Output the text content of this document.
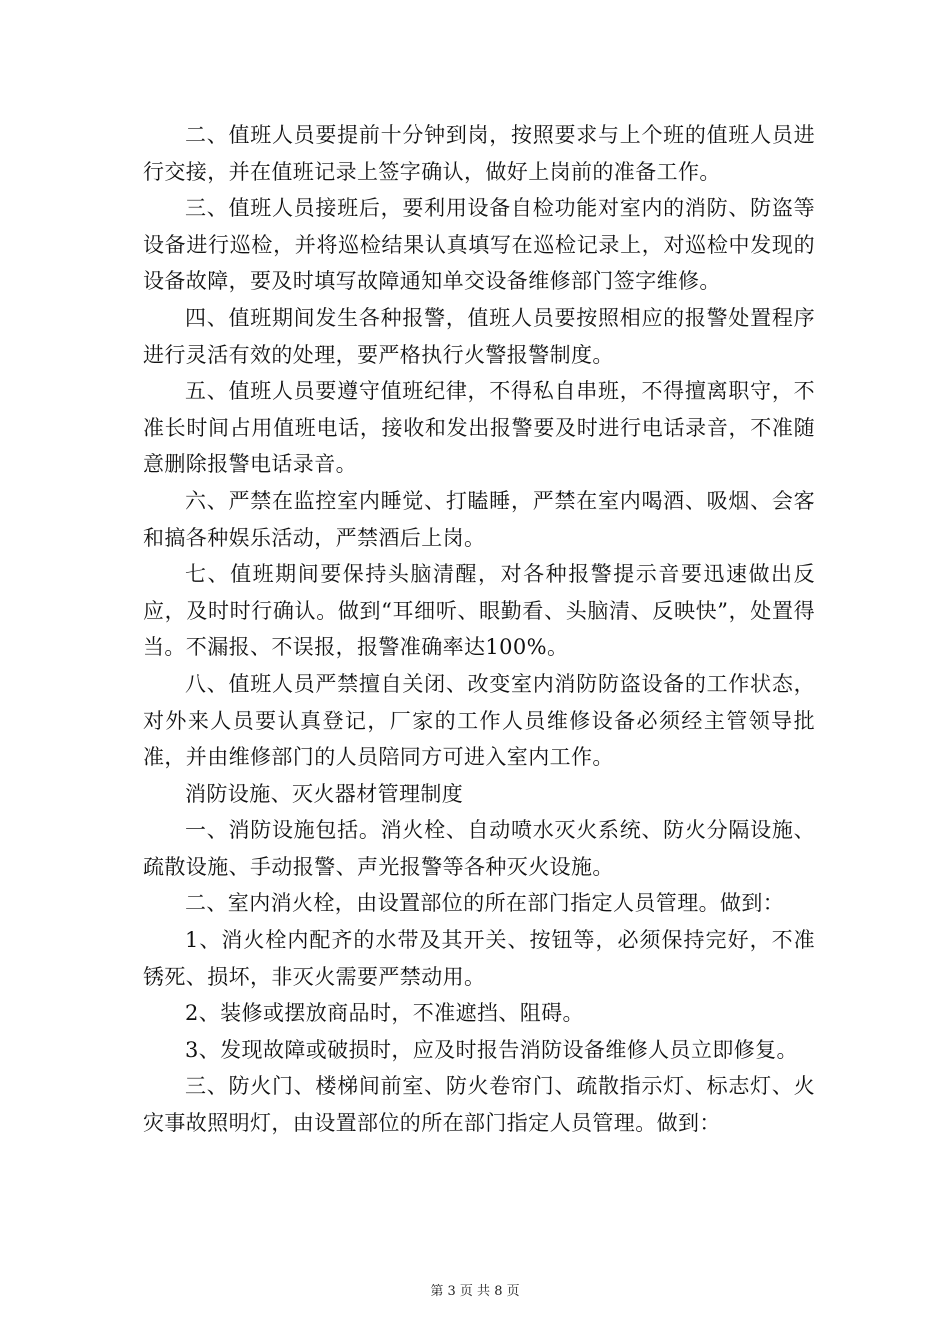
二、值班人员要提前十分钟到岗，按照要求与上个班的值班人员进行交接，并在值班记录上签字确认，做好上岗前的准备工作。

三、值班人员接班后，要利用设备自检功能对室内的消防、防盗等设备进行巡检，并将巡检结果认真填写在巡检记录上，对巡检中发现的设备故障，要及时填写故障通知单交设备维修部门签字维修。

四、值班期间发生各种报警，值班人员要按照相应的报警处置程序进行灵活有效的处理，要严格执行火警报警制度。

五、值班人员要遵守值班纪律，不得私自串班，不得擅离职守，不准长时间占用值班电话，接收和发出报警要及时进行电话录音，不准随意删除报警电话录音。

六、严禁在监控室内睡觉、打瞌睡，严禁在室内喝酒、吸烟、会客和搞各种娱乐活动，严禁酒后上岗。

七、值班期间要保持头脑清醒，对各种报警提示音要迅速做出反应，及时时行确认。做到“耳细听、眼勤看、头脑清、反映快”，处置得当。不漏报、不误报，报警准确率达100%。

八、值班人员严禁擅自关闭、改变室内消防防盗设备的工作状态，对外来人员要认真登记，厂家的工作人员维修设备必须经主管领导批准，并由维修部门的人员陪同方可进入室内工作。

消防设施、灭火器材管理制度

一、消防设施包括。消火栓、自动喷水灭火系统、防火分隔设施、疏散设施、手动报警、声光报警等各种灭火设施。

二、室内消火栓，由设置部位的所在部门指定人员管理。做到：

1、消火栓内配齐的水带及其开关、按钮等，必须保持完好，不准锈死、损坏，非灭火需要严禁动用。

2、装修或摆放商品时，不准遮挡、阻碍。

3、发现故障或破损时，应及时报告消防设备维修人员立即修复。

三、防火门、楼梯间前室、防火卷帘门、疏散指示灯、标志灯、火灾事故照明灯，由设置部位的所在部门指定人员管理。做到：

第 3 页 共 8 页
